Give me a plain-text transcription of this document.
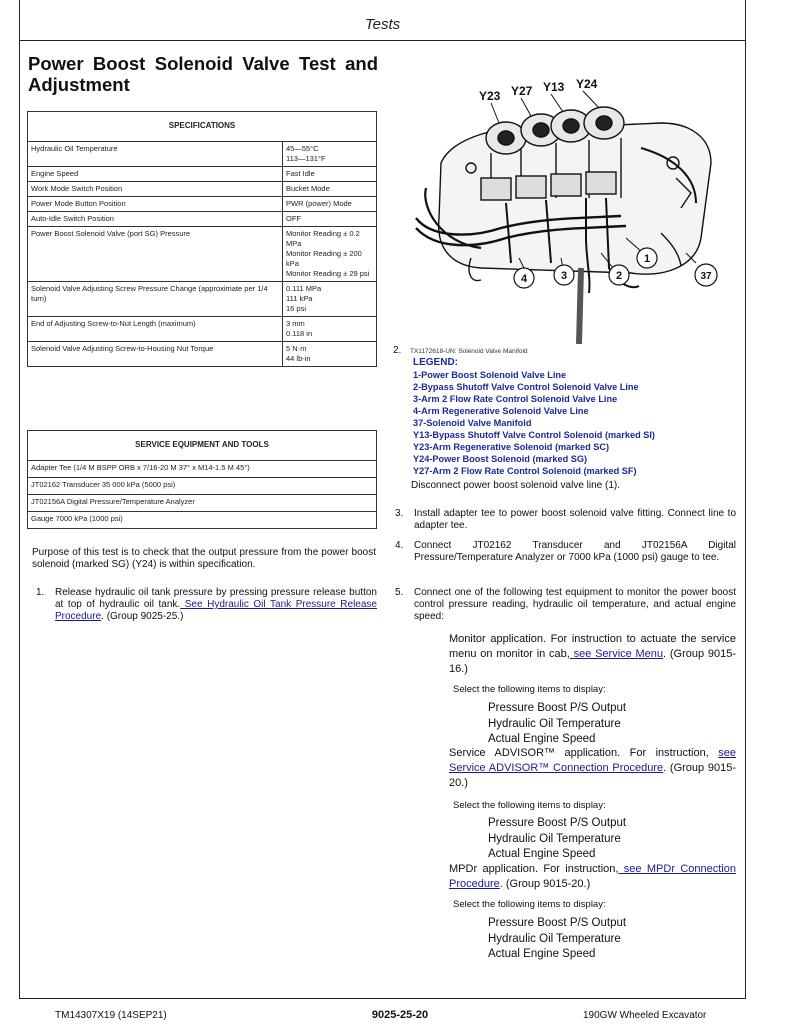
Tests
Power Boost Solenoid Valve Test and Adjustment
SPECIFICATIONS	
Hydraulic Oil Temperature	45—55°C
113—131°F
Engine Speed	Fast Idle
Work Mode Switch Position	Bucket Mode
Power Mode Button Position	PWR (power) Mode
Auto-Idle Switch Position	OFF
Power Boost Solenoid Valve (port SG) Pressure	Monitor Reading ± 0.2 MPa
Monitor Reading ± 200 kPa
Monitor Reading ± 29 psi
Solenoid Valve Adjusting Screw Pressure Change (approximate per 1/4 turn)	0.111 MPa
111 kPa
16 psi
End of Adjusting Screw-to-Nut Length (maximum)	3 mm
0.118 in
Solenoid Valve Adjusting Screw-to-Housing Nut Torque	5 N·m
44 lb-in
SERVICE EQUIPMENT AND TOOLS
Adapter Tee (1/4 M BSPP ORB x 7/16-20 M 37° x M14-1.5 M 45°)
JT02162 Transducer 35 000 kPa (5000 psi)
JT02156A Digital Pressure/Temperature Analyzer
Gauge 7000 kPa (1000 psi)
Purpose of this test is to check that the output pressure from the power boost solenoid (marked SG) (Y24) is within specification.
1. Release hydraulic oil tank pressure by pressing pressure release button at top of hydraulic oil tank. See Hydraulic Oil Tank Pressure Release Procedure. (Group 9025-25.)
Y23 Y27 Y13 Y24
4	3	2
1
37
2. TX1172618-UN: Solenoid Valve Manifold
LEGEND:
1-Power Boost Solenoid Valve Line
2-Bypass Shutoff Valve Control Solenoid Valve Line
3-Arm 2 Flow Rate Control Solenoid Valve Line
4-Arm Regenerative Solenoid Valve Line
37-Solenoid Valve Manifold
Y13-Bypass Shutoff Valve Control Solenoid (marked SI)
Y23-Arm Regenerative Solenoid (marked SC)
Y24-Power Boost Solenoid (marked SG)
Y27-Arm 2 Flow Rate Control Solenoid (marked SF)
Disconnect power boost solenoid valve line (1).
3. Install adapter tee to power boost solenoid valve fitting. Connect line to adapter tee.
4. Connect JT02162 Transducer and JT02156A Digital Pressure/Temperature Analyzer or 7000 kPa (1000 psi) gauge to tee.
5. Connect one of the following test equipment to monitor the power boost control pressure reading, hydraulic oil temperature, and actual engine speed:
Monitor application. For instruction to actuate the service menu on monitor in cab, see Service Menu. (Group 9015-16.)
Select the following items to display:
Pressure Boost P/S Output
Hydraulic Oil Temperature
Actual Engine Speed
Service ADVISOR™ application. For instruction, see Service ADVISOR™ Connection Procedure. (Group 9015-20.)
Select the following items to display:
Pressure Boost P/S Output
Hydraulic Oil Temperature
Actual Engine Speed
MPDr application. For instruction, see MPDr Connection Procedure. (Group 9015-20.)
Select the following items to display:
Pressure Boost P/S Output
Hydraulic Oil Temperature
Actual Engine Speed
TM14307X19 (14SEP21)	9025-25-20	190GW Wheeled Excavator
